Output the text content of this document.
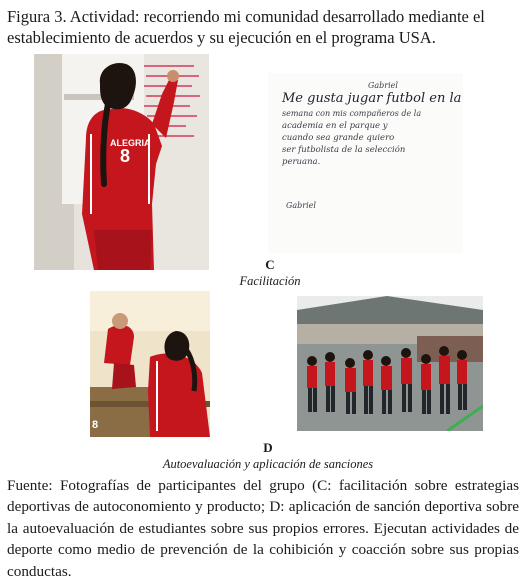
Figura 3. Actividad: recorriendo mi comunidad desarrollado mediante el establecimiento de acuerdos y su ejecución en el programa USA.

ALEGRIA
8
Gabriel
Me gusta jugar futbol en la
semana con mis compañeros de la
academia en el parque y
cuando sea grande quiero
ser futbolista de la selección
peruana.
Gabriel
C
Facilitación
8
D
Autoevaluación y aplicación de sanciones

Fuente: Fotografías de participantes del grupo (C: facilitación sobre estrategias deportivas de autoconomiento y producto; D: aplicación de sanción deportiva sobre la autoevaluación de estudiantes sobre sus propios errores. Ejecutan actividades de deporte como medio de prevención de la cohibición y coacción sobre sus propias conductas.
